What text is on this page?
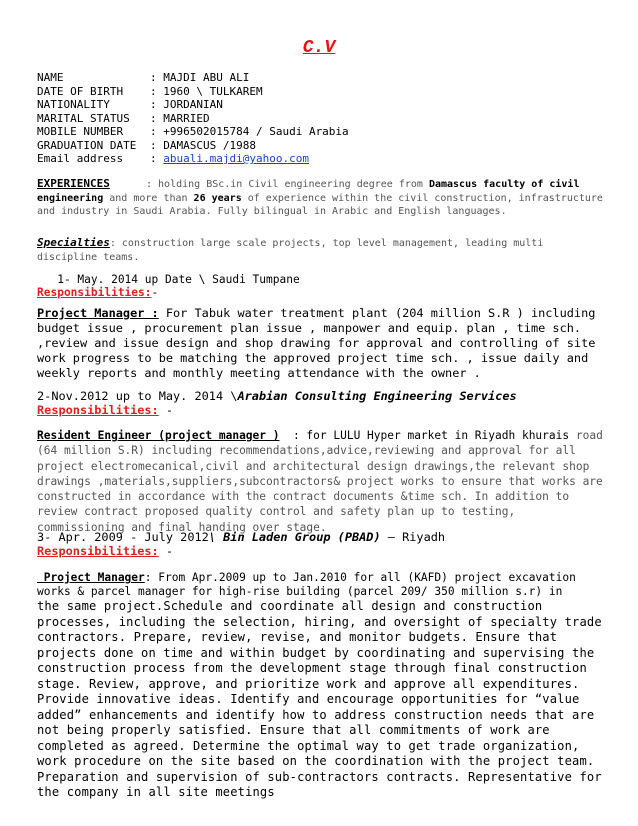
C.V
NAME	: MAJDI ABU ALI
DATE OF BIRTH : 1960 \ TULKAREM
NATIONALITY	: JORDANIAN
MARITAL STATUS : MARRIED
MOBILE NUMBER : +996502015784 / Saudi Arabia
GRADUATION DATE : DAMASCUS /1988
Email address : abuali.majdi@yahoo.com
EXPERIENCES      : holding BSc.in Civil engineering degree from Damascus faculty of civil engineering and more than 26 years of experience within the civil construction, infrastructure and industry in Saudi Arabia. Fully bilingual in Arabic and English languages.
Specialties: construction large scale projects, top level management, leading multi discipline teams.
1- May. 2014 up Date \ Saudi Tumpane
Responsibilities:-
Project Manager : For Tabuk water treatment plant (204 million S.R ) including budget issue , procurement plan issue , manpower and equip. plan , time sch. ,review and issue design and shop drawing for approval and controlling of site work progress to be matching the approved project time sch. , issue daily and weekly reports and monthly meeting attendance with the owner .
2-Nov.2012 up to May. 2014 \Arabian Consulting Engineering Services
Responsibilities: -
Resident Engineer (project manager )  : for LULU Hyper market in Riyadh khurais road (64 million S.R) including recommendations,advice,reviewing and approval for all project electromecanical,civil and architectural design drawings,the relevant shop drawings ,materials,suppliers,subcontractors& project works to ensure that works are constructed in accordance with the contract documents &time sch. In addition to review contract proposed quality control and safety plan up to testing, commissioning and final handing over stage.
3- Apr. 2009 - July 2012\ Bin Laden Group (PBAD) – Riyadh
Responsibilities: -
Project Manager: From Apr.2009 up to Jan.2010 for all (KAFD) project excavation works & parcel manager for high-rise building (parcel 209/ 350 million s.r) in
the same project.Schedule and coordinate all design and construction processes, including the selection, hiring, and oversight of specialty trade contractors. Prepare, review, revise, and monitor budgets. Ensure that projects done on time and within budget by coordinating and supervising the construction process from the development stage through final construction stage. Review, approve, and prioritize work and approve all expenditures. Provide innovative ideas. Identify and encourage opportunities for “value added” enhancements and identify how to address construction needs that are not being properly satisfied. Ensure that all commitments of work are completed as agreed. Determine the optimal way to get trade organization, work procedure on the site based on the coordination with the project team. Preparation and supervision of sub-contractors contracts. Representative for the company in all site meetings
